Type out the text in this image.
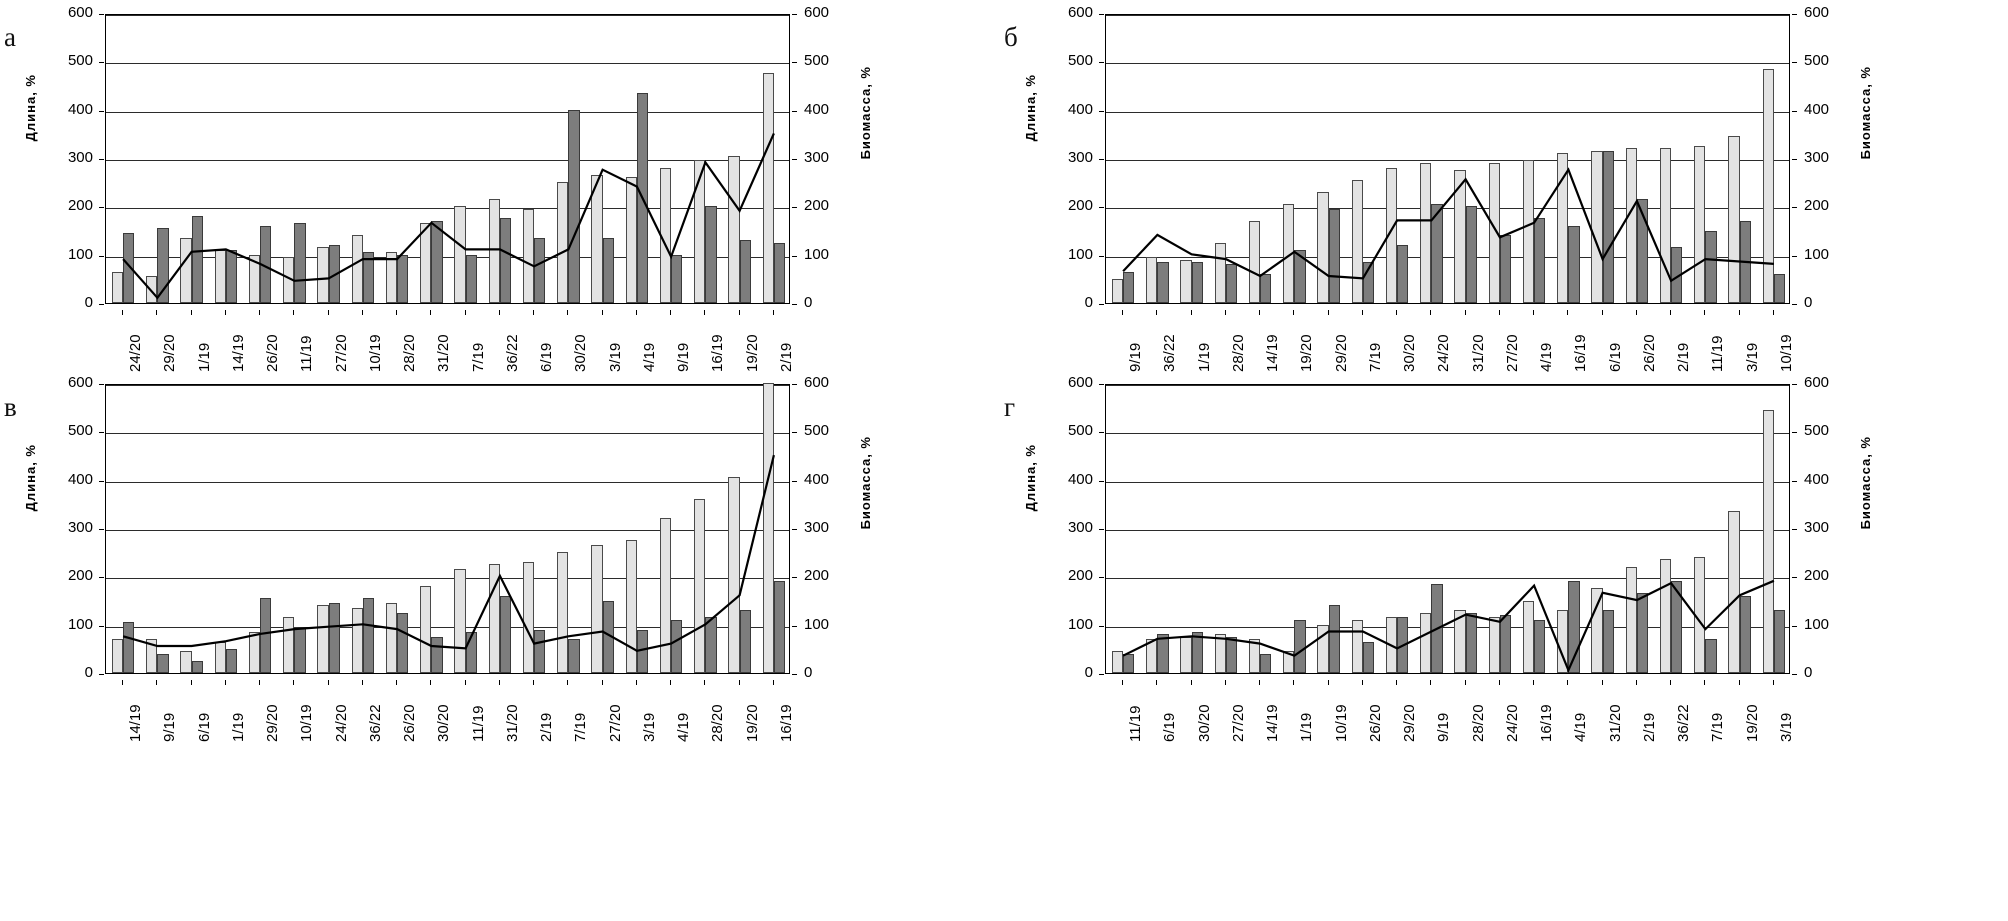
а
Длина, %	Биомасса, %
0	0
100	100
200	200
300	300
400	400
500	500
600	600
24/20 29/20 1/19 14/19 26/20 11/19 27/20 10/19 28/20 31/20 7/19 36/22 6/19 30/20 3/19 4/19 9/19 16/19 19/20 2/19
б
Длина, %	Биомасса, %
0	0
100	100
200	200
300	300
400	400
500	500
600	600
9/19 36/22 1/19 28/20 14/19 19/20 29/20 7/19 30/20 24/20 31/20 27/20 4/19 16/19 6/19 26/20 2/19 11/19 3/19 10/19
в
Длина, %	Биомасса, %
0	0
100	100
200	200
300	300
400	400
500	500
600	600
14/19 9/19 6/19 1/19 29/20 10/19 24/20 36/22 26/20 30/20 11/19 31/20 2/19 7/19 27/20 3/19 4/19 28/20 19/20 16/19
г
Длина, %	Биомасса, %
0	0
100	100
200	200
300	300
400	400
500	500
600	600
11/19 6/19 30/20 27/20 14/19 1/19 10/19 26/20 29/20 9/19 28/20 24/20 16/19 4/19 31/20 2/19 36/22 7/19 19/20 3/19
